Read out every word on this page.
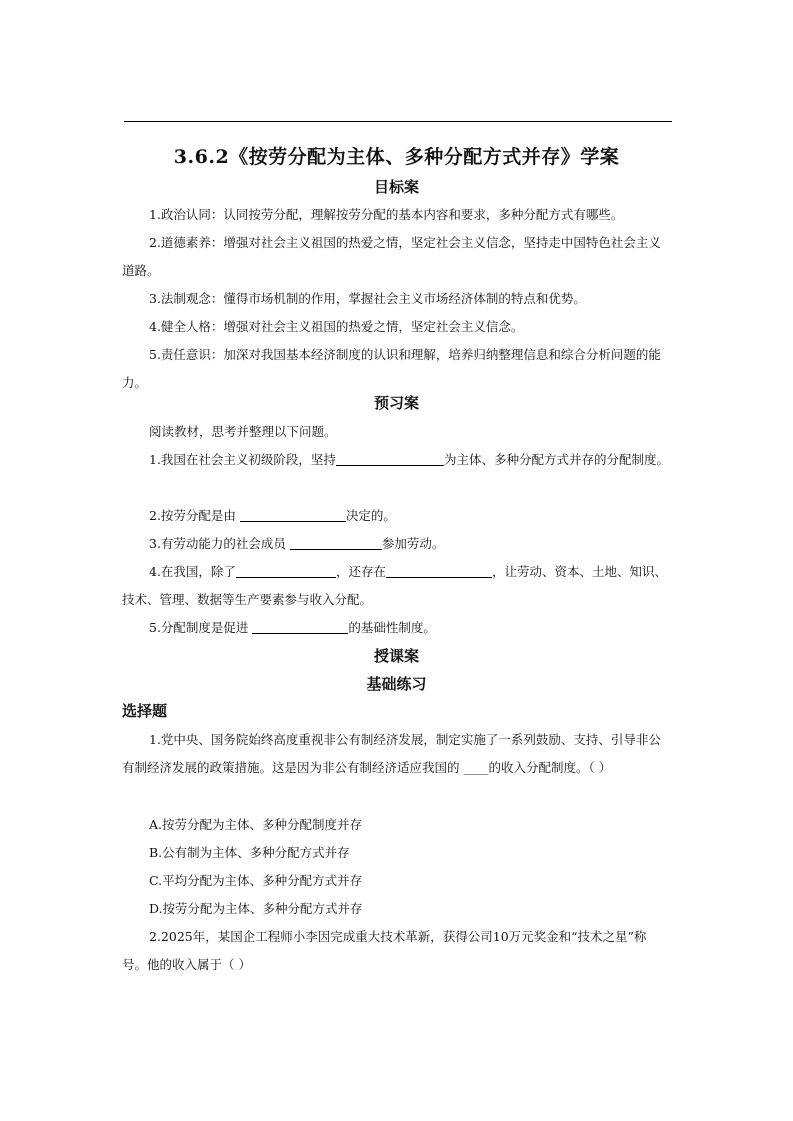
3.6.2《按劳分配为主体、多种分配方式并存》学案
目标案
1.政治认同：认同按劳分配，理解按劳分配的基本内容和要求，多种分配方式有哪些。
2.道德素养：增强对社会主义祖国的热爱之情，坚定社会主义信念，坚持走中国特色社会主义道路。
3.法制观念：懂得市场机制的作用，掌握社会主义市场经济体制的特点和优势。
4.健全人格：增强对社会主义祖国的热爱之情，坚定社会主义信念。
5.责任意识：加深对我国基本经济制度的认识和理解，培养归纳整理信息和综合分析问题的能力。
预习案
阅读教材，思考并整理以下问题。
1.我国在社会主义初级阶段，坚持	为主体、多种分配方式并存的分配制度。
2.按劳分配是由	决定的。
3.有劳动能力的社会成员	参加劳动。
4.在我国，除了	，还存在	，让劳动、资本、土地、知识、技术、管理、数据等生产要素参与收入分配。
5.分配制度是促进	的基础性制度。
授课案
基础练习
选择题
1.党中央、国务院始终高度重视非公有制经济发展，制定实施了一系列鼓励、支持、引导非公有制经济发展的政策措施。这是因为非公有制经济适应我国的 ____的收入分配制度。（ ）
A.按劳分配为主体、多种分配制度并存
B.公有制为主体、多种分配方式并存
C.平均分配为主体、多种分配方式并存
D.按劳分配为主体、多种分配方式并存
2.2025年，某国企工程师小李因完成重大技术革新，获得公司10万元奖金和“技术之星”称号。他的收入属于（ ）
